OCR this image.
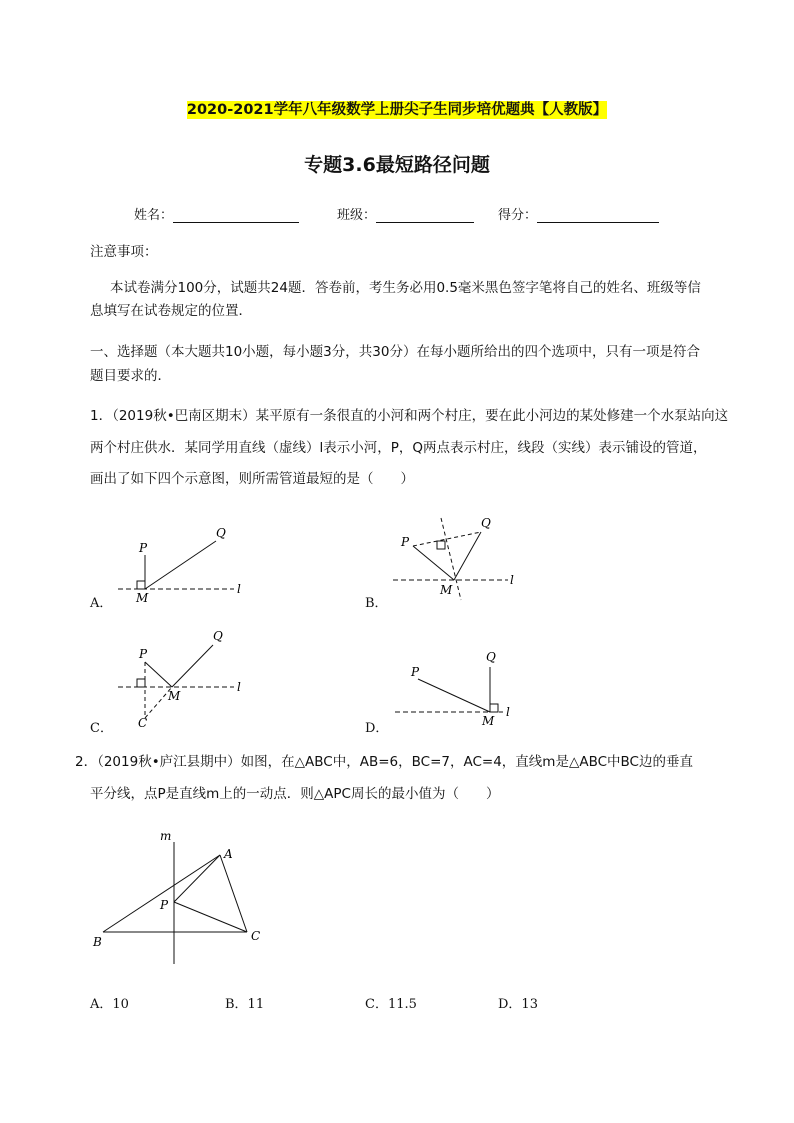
2020-2021学年八年级数学上册尖子生同步培优题典【人教版】
专题3.6最短路径问题
姓名：	班级：	得分：
注意事项：
本试卷满分100分，试题共24题．答卷前，考生务必用0.5毫米黑色签字笔将自己的姓名、班级等信
息填写在试卷规定的位置．
一、选择题（本大题共10小题，每小题3分，共30分）在每小题所给出的四个选项中，只有一项是符合
题目要求的．
1．（2019秋•巴南区期末）某平原有一条很直的小河和两个村庄，要在此小河边的某处修建一个水泵站向这
两个村庄供水．某同学用直线（虚线）l表示小河，P，Q两点表示村庄，线段（实线）表示铺设的管道，
画出了如下四个示意图，则所需管道最短的是（　　）
P
Q
M
l
P
Q
M
l
P
Q
M
l
C
P
Q
M
l
m
A
B	C
P
A．	B．
C．	D．
2．（2019秋•庐江县期中）如图，在△ABC中，AB=6，BC=7，AC=4，直线m是△ABC中BC边的垂直
平分线，点P是直线m上的一动点．则△APC周长的最小值为（　　）
A．10	B．11	C．11.5	D．13
